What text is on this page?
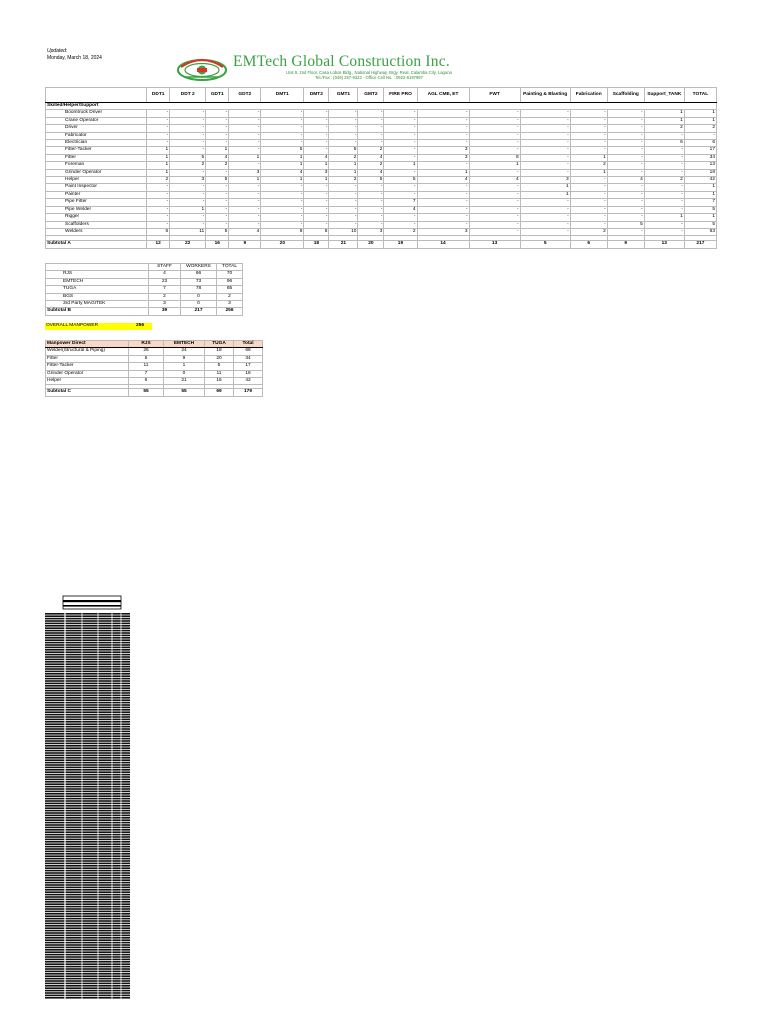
Updated:
Monday, March 18, 2024	EMTech Global Construction Inc.
Unit 9, 2nd Floor, Casa Lobos Bldg., National Highway, Brgy. Real, Calamba City, Laguna
Tel./Fax : (049) 257-9322 · Office Cell No. : 0922-8197997
	DDT1	DDT 2	GDT1	GDT2	DMT1	DMT2	GMT1	GMT2	FIRE PRO	AGL CME, ET	FWT	Painting & Blasting	Fabrication	Scaffolding	Support_TANK	TOTAL
Skilled/Helper/Support																
Boomtruck Driver	-	-	-	-	-	-	-	-	-	-	-	-	-	-	1	1
Crane Operator	-	-	-	-	-	-	-	-	-	-	-	-	-	-	1	1
Driver	-	-	-	-	-	-	-	-	-	-	-	-	-	-	2	2
Fabricator	-	-	-	-	-	-	-	-	-	-	-	-	-	-	-	-
Electrician	-	-	-	-	-	-	-	-	-	-	-	-	-	-	6	6
Fitter-Tacker	1	-	1	-	5	-	5	2	-	3	-	-	-	-	-	17
Fitter	1	5	4	1	1	4	2	4	-	3	8	-	1	-	-	34
Foreman	1	2	2	-	1	1	1	2	1	-	1	-	2	-	-	13
Grinder Operator	1	-	-	3	4	3	1	4	-	1	-	-	1	-	-	18
Helper	2	3	5	1	1	1	2	5	5	4	4	3	-	4	2	42
Paint Inspector	-	-	-	-	-	-	-	-	-	-	-	1	-	-	-	1
Painter	-	-	-	-	-	-	-	-	-	-	-	1	-	-	-	1
Pipe Fitter	-	-	-	-	-	-	-	-	7	-	-	-	-	-	-	7
Pipe Welder	-	1	-	-	-	-	-	-	4	-	-	-	-	-	-	5
Rigger	-	-	-	-	-	-	-	-	-	-	-	-	-	-	1	1
Scaffolders	-	-	-	-	-	-	-	-	-	-	-	-	-	5	-	5
Welders	6	11	5	4	8	8	10	3	2	3	-	-	2	-	-	63

Subtotal A	12	22	16	9	20	18	21	20	19	14	13	5	6	9	13	217
	STAFF	WORKERS	TOTAL
RJS	4	66	70
EMTECH	23	73	96
TUGA	7	78	85
BGS	2	0	2
3rd Party MAGITEK	3	0	3
Subtotal B	39	217	256
OVERALL MANPOWER	256
Manpower Direct	RJS	EMTECH	TUGA	Total
Welder(Structural & Piping)	26	24	18	68
Fitter	5	9	20	34
Fitter-Tacker	11	1	5	17
Grinder Operator	7	0	11	18
Helper	6	21	15	42

Subtotal C	55	55	69	179
